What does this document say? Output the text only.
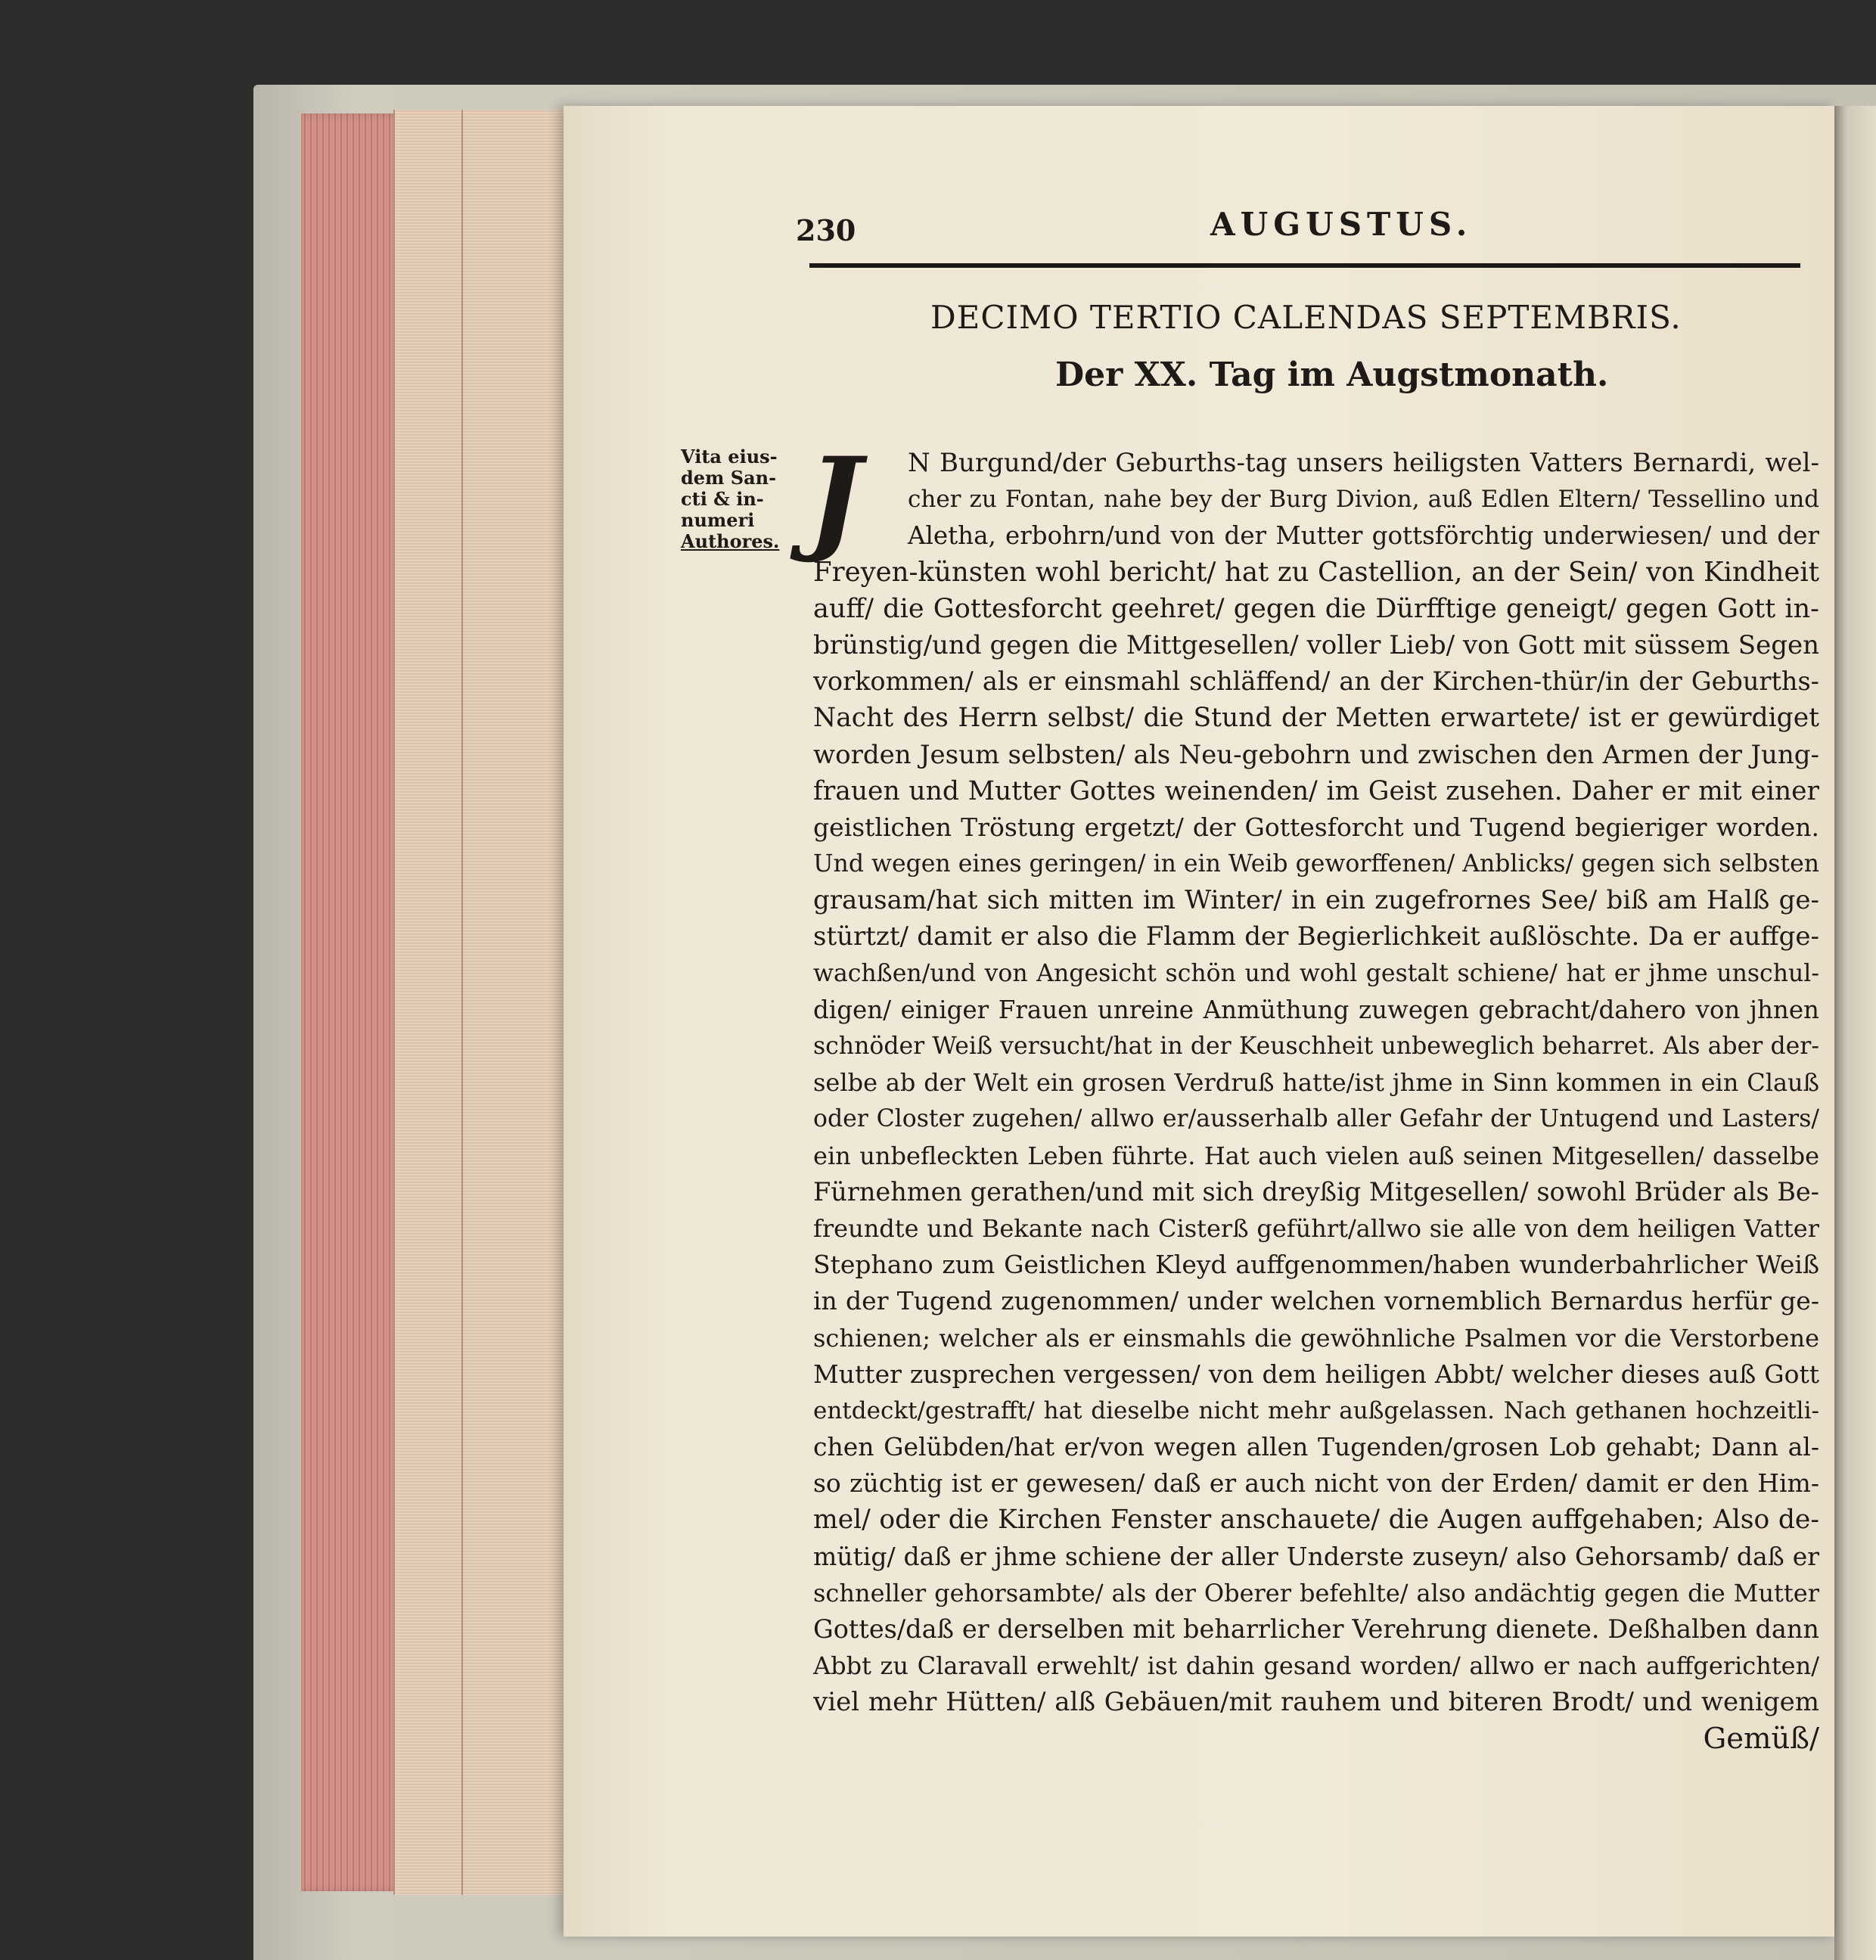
230	AUGUSTUS.
DECIMO TERTIO CALENDAS SEPTEMBRIS.
Der XX. Tag im Augstmonath.
Vita eius-
dem San-
cti & in-
numeri
Authores. J	N Burgund/der Geburths-tag unsers heiligsten Vatters Bernardi, wel-
cher zu Fontan, nahe bey der Burg Divion, auß Edlen Eltern/ Tessellino und
Aletha, erbohrn/und von der Mutter gottsförchtig underwiesen/ und der
Freyen-künsten wohl bericht/ hat zu Castellion, an der Sein/ von Kindheit
auff/ die Gottesforcht geehret/ gegen die Dürfftige geneigt/ gegen Gott in-
brünstig/und gegen die Mittgesellen/ voller Lieb/ von Gott mit süssem Segen
vorkommen/ als er einsmahl schläffend/ an der Kirchen-thür/in der Geburths-
Nacht des Herrn selbst/ die Stund der Metten erwartete/ ist er gewürdiget
worden Jesum selbsten/ als Neu-gebohrn und zwischen den Armen der Jung-
frauen und Mutter Gottes weinenden/ im Geist zusehen. Daher er mit einer
geistlichen Tröstung ergetzt/ der Gottesforcht und Tugend begieriger worden.
Und wegen eines geringen/ in ein Weib geworffenen/ Anblicks/ gegen sich selbsten
grausam/hat sich mitten im Winter/ in ein zugefrornes See/ biß am Halß ge-
stürtzt/ damit er also die Flamm der Begierlichkeit außlöschte. Da er auffge-
wachßen/und von Angesicht schön und wohl gestalt schiene/ hat er jhme unschul-
digen/ einiger Frauen unreine Anmüthung zuwegen gebracht/dahero von jhnen
schnöder Weiß versucht/hat in der Keuschheit unbeweglich beharret. Als aber der-
selbe ab der Welt ein grosen Verdruß hatte/ist jhme in Sinn kommen in ein Clauß
oder Closter zugehen/ allwo er/ausserhalb aller Gefahr der Untugend und Lasters/
ein unbefleckten Leben führte. Hat auch vielen auß seinen Mitgesellen/ dasselbe
Fürnehmen gerathen/und mit sich dreyßig Mitgesellen/ sowohl Brüder als Be-
freundte und Bekante nach Cisterß geführt/allwo sie alle von dem heiligen Vatter
Stephano zum Geistlichen Kleyd auffgenommen/haben wunderbahrlicher Weiß
in der Tugend zugenommen/ under welchen vornemblich Bernardus herfür ge-
schienen; welcher als er einsmahls die gewöhnliche Psalmen vor die Verstorbene
Mutter zusprechen vergessen/ von dem heiligen Abbt/ welcher dieses auß Gott
entdeckt/gestrafft/ hat dieselbe nicht mehr außgelassen. Nach gethanen hochzeitli-
chen Gelübden/hat er/von wegen allen Tugenden/grosen Lob gehabt; Dann al-
so züchtig ist er gewesen/ daß er auch nicht von der Erden/ damit er den Him-
mel/ oder die Kirchen Fenster anschauete/ die Augen auffgehaben; Also de-
mütig/ daß er jhme schiene der aller Underste zuseyn/ also Gehorsamb/ daß er
schneller gehorsambte/ als der Oberer befehlte/ also andächtig gegen die Mutter
Gottes/daß er derselben mit beharrlicher Verehrung dienete. Deßhalben dann
Abbt zu Claravall erwehlt/ ist dahin gesand worden/ allwo er nach auffgerichten/
viel mehr Hütten/ alß Gebäuen/mit rauhem und biteren Brodt/ und wenigem
Gemüß/
